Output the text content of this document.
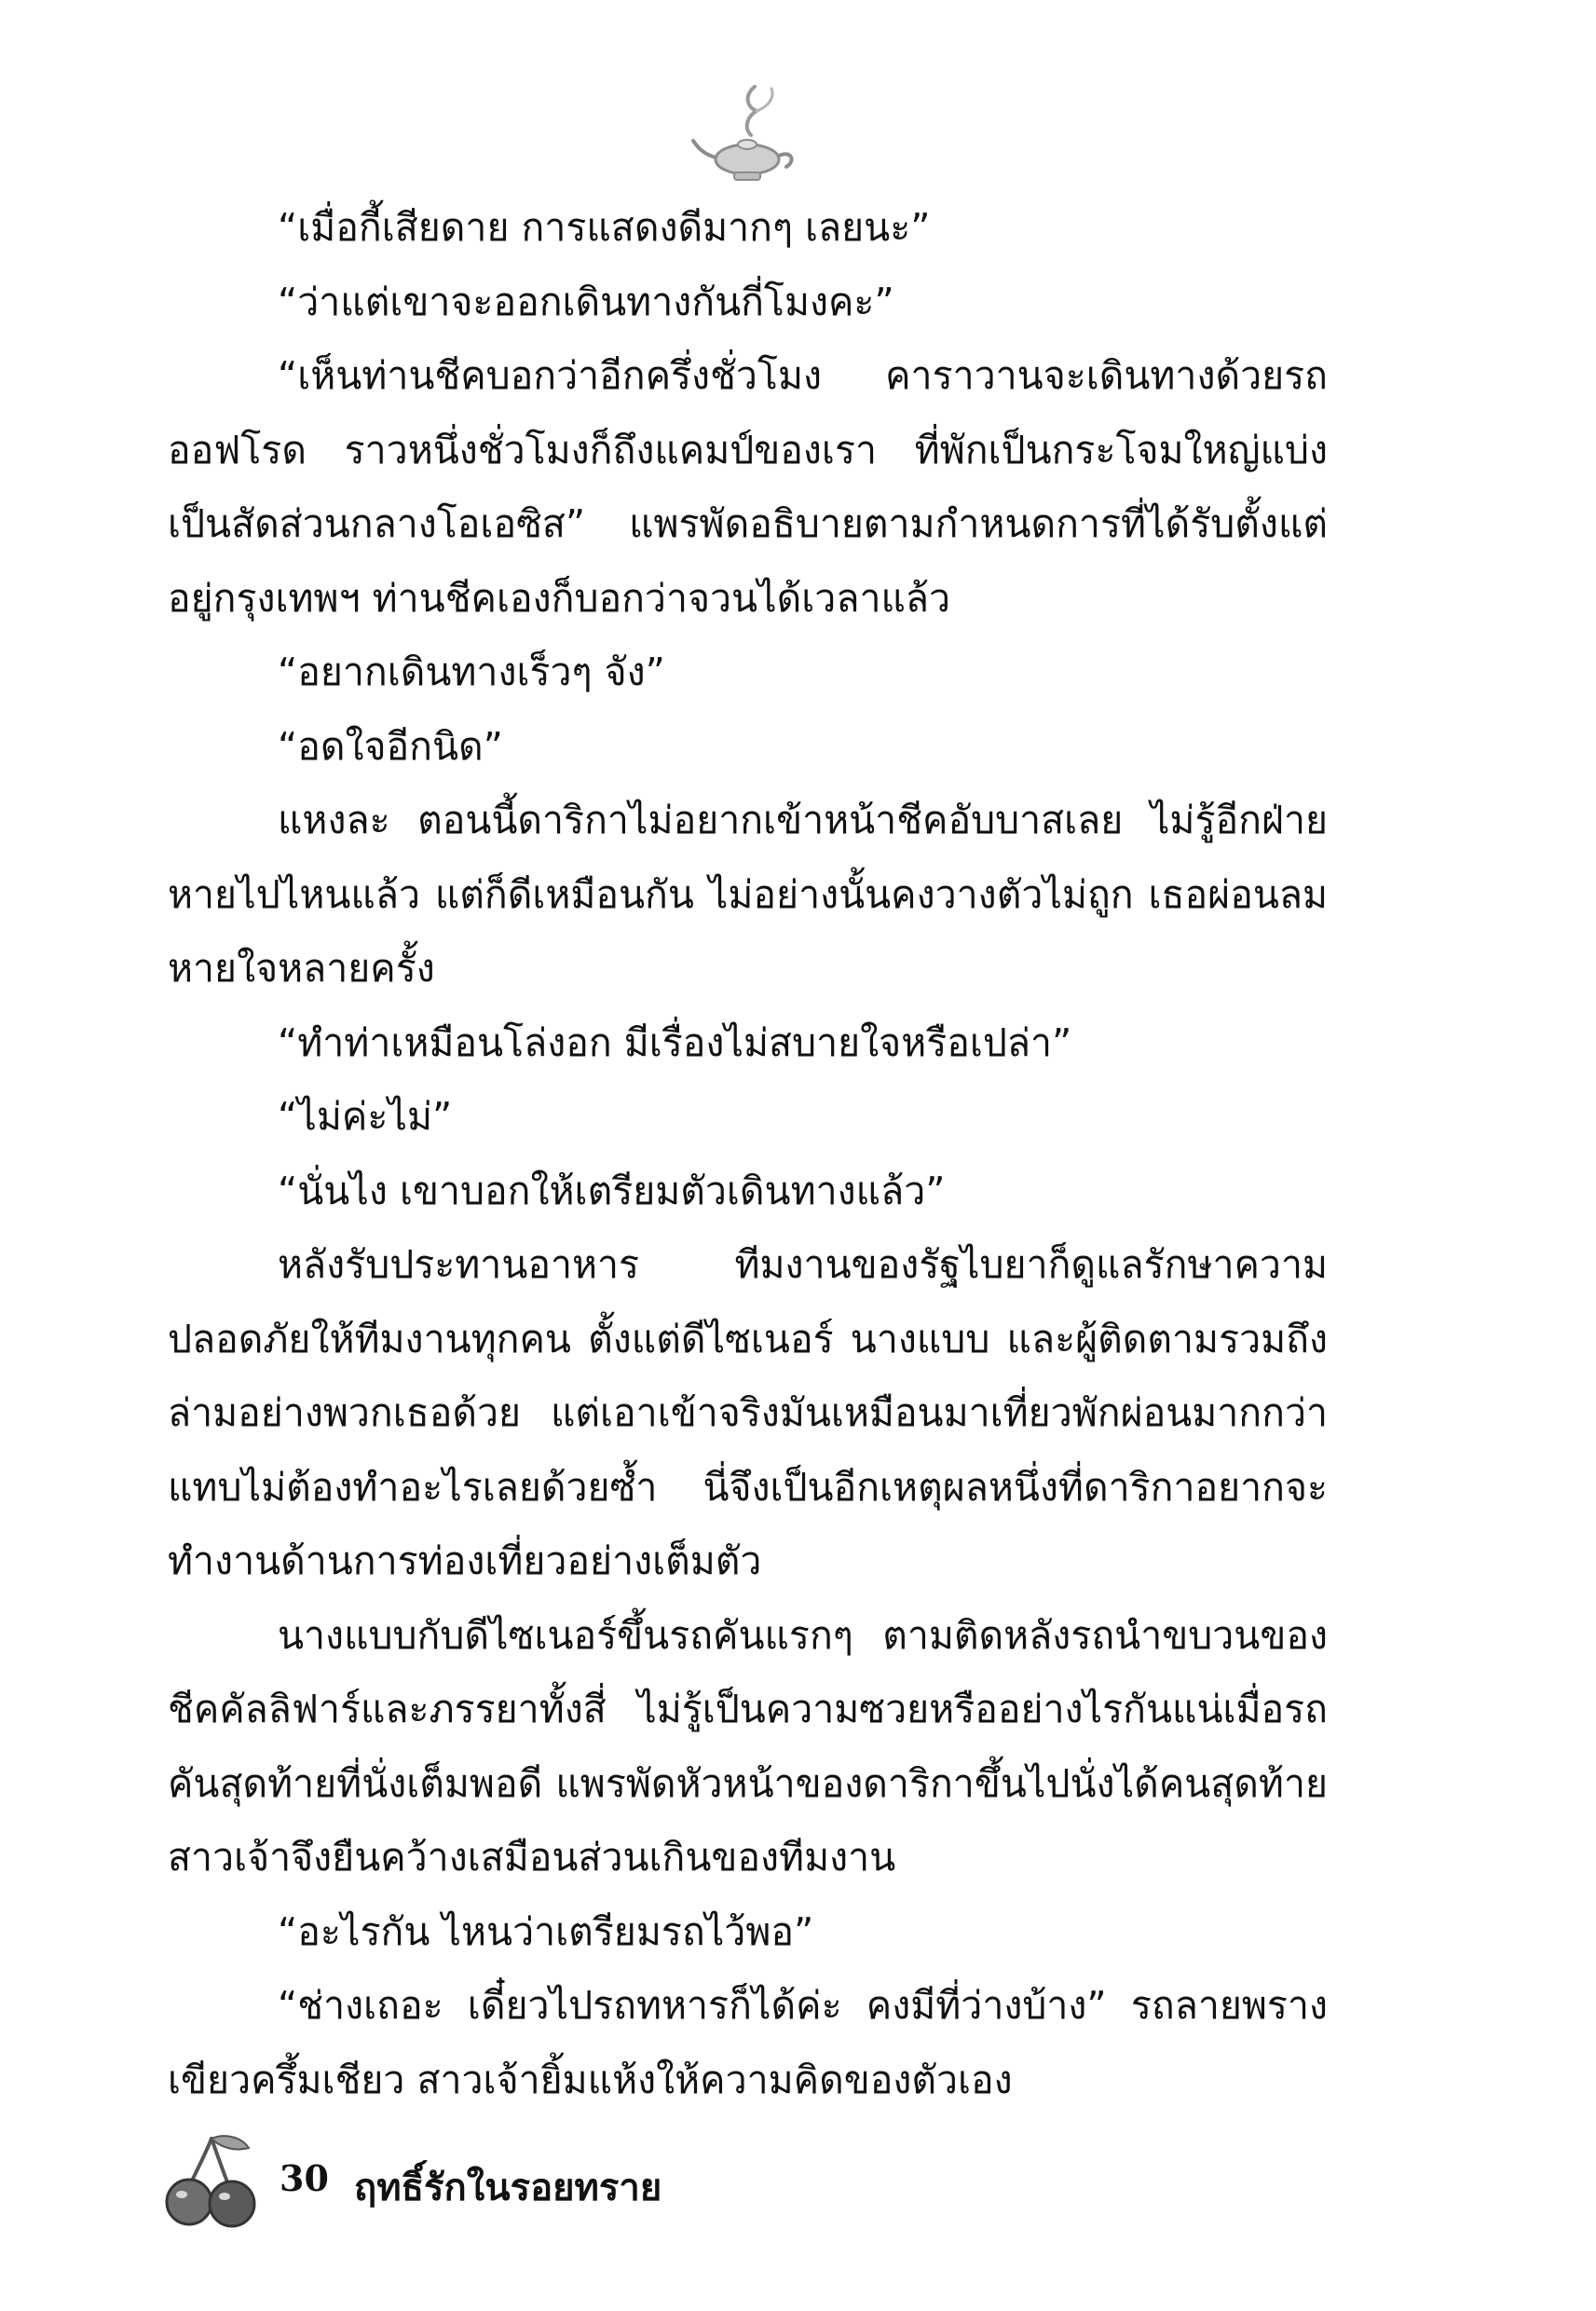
“เมื่อกี้เสียดาย การแสดงดีมากๆ เลยนะ”

“ว่าแต่เขาจะออกเดินทางกันกี่โมงคะ”

“เห็นท่านชีคบอกว่าอีกครึ่งชั่วโมง คาราวานจะเดินทางด้วยรถออฟโรด ราวหนึ่งชั่วโมงก็ถึงแคมป์ของเรา ที่พักเป็นกระโจมใหญ่แบ่งเป็นสัดส่วนกลางโอเอซิส” แพรพัดอธิบายตามกำหนดการที่ได้รับตั้งแต่อยู่กรุงเทพฯ ท่านชีคเองก็บอกว่าจวนได้เวลาแล้ว

“อยากเดินทางเร็วๆ จัง”

“อดใจอีกนิด”

แหงละ ตอนนี้ดาริกาไม่อยากเข้าหน้าชีคอับบาสเลย ไม่รู้อีกฝ่ายหายไปไหนแล้ว แต่ก็ดีเหมือนกัน ไม่อย่างนั้นคงวางตัวไม่ถูก เธอผ่อนลมหายใจหลายครั้ง

“ทำท่าเหมือนโล่งอก มีเรื่องไม่สบายใจหรือเปล่า”

“ไม่ค่ะไม่”

“นั่นไง เขาบอกให้เตรียมตัวเดินทางแล้ว”

หลังรับประทานอาหาร ทีมงานของรัฐไบยาก็ดูแลรักษาความปลอดภัยให้ทีมงานทุกคน ตั้งแต่ดีไซเนอร์ นางแบบ และผู้ติดตามรวมถึงล่ามอย่างพวกเธอด้วย แต่เอาเข้าจริงมันเหมือนมาเที่ยวพักผ่อนมากกว่า แทบไม่ต้องทำอะไรเลยด้วยซ้ำ นี่จึงเป็นอีกเหตุผลหนึ่งที่ดาริกาอยากจะทำงานด้านการท่องเที่ยวอย่างเต็มตัว

นางแบบกับดีไซเนอร์ขึ้นรถคันแรกๆ ตามติดหลังรถนำขบวนของชีคคัลลิฟาร์และภรรยาทั้งสี่ ไม่รู้เป็นความซวยหรืออย่างไรกันแน่เมื่อรถคันสุดท้ายที่นั่งเต็มพอดี แพรพัดหัวหน้าของดาริกาขึ้นไปนั่งได้คนสุดท้าย สาวเจ้าจึงยืนคว้างเสมือนส่วนเกินของทีมงาน

“อะไรกัน ไหนว่าเตรียมรถไว้พอ”

“ช่างเถอะ เดี๋ยวไปรถทหารก็ได้ค่ะ คงมีที่ว่างบ้าง” รถลายพรางเขียวครึ้มเชียว สาวเจ้ายิ้มแห้งให้ความคิดของตัวเอง

30 ฤทธิ์รักในรอยทราย
